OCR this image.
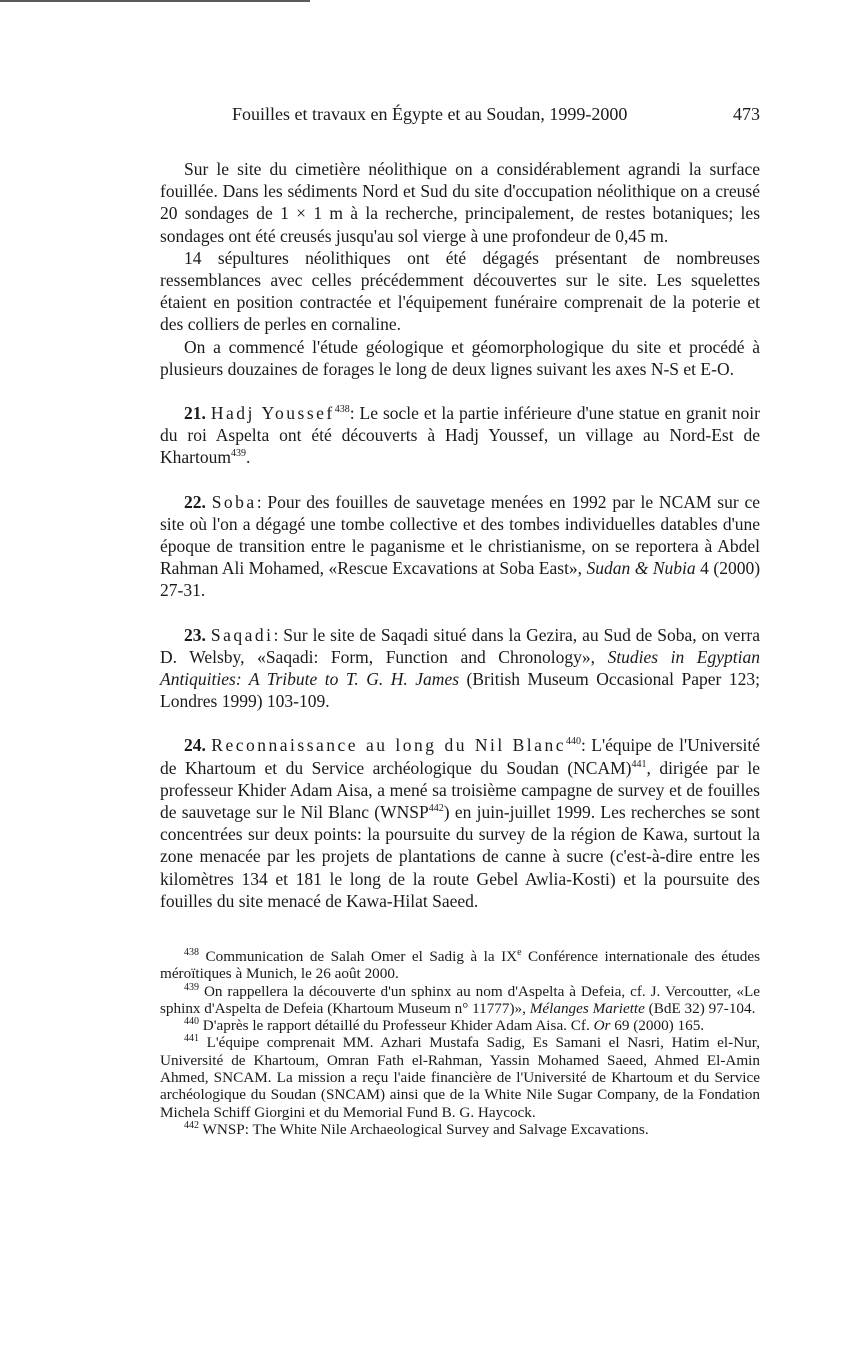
Fouilles et travaux en Égypte et au Soudan, 1999-2000	473

Sur le site du cimetière néolithique on a considérablement agrandi la surface fouillée. Dans les sédiments Nord et Sud du site d'occupation néolithique on a creusé 20 sondages de 1 × 1 m à la recherche, principalement, de restes botaniques; les sondages ont été creusés jusqu'au sol vierge à une profondeur de 0,45 m.

14 sépultures néolithiques ont été dégagés présentant de nombreuses ressemblances avec celles précédemment découvertes sur le site. Les squelettes étaient en position contractée et l'équipement funéraire comprenait de la poterie et des colliers de perles en cornaline.

On a commencé l'étude géologique et géomorphologique du site et procédé à plusieurs douzaines de forages le long de deux lignes suivant les axes N-S et E-O.

21. Hadj Youssef$^{438}$: Le socle et la partie inférieure d'une statue en granit noir du roi Aspelta ont été découverts à Hadj Youssef, un village au Nord-Est de Khartoum$^{439}$.

22. Soba: Pour des fouilles de sauvetage menées en 1992 par le NCAM sur ce site où l'on a dégagé une tombe collective et des tombes individuelles datables d'une époque de transition entre le paganisme et le christianisme, on se reportera à Abdel Rahman Ali Mohamed, «Rescue Excavations at Soba East», Sudan & Nubia 4 (2000) 27-31.

23. Saqadi: Sur le site de Saqadi situé dans la Gezira, au Sud de Soba, on verra D. Welsby, «Saqadi: Form, Function and Chronology», Studies in Egyptian Antiquities: A Tribute to T. G. H. James (British Museum Occasional Paper 123; Londres 1999) 103-109.

24. Reconnaissance au long du Nil Blanc$^{440}$: L'équipe de l'Université de Khartoum et du Service archéologique du Soudan (NCAM)$^{441}$, dirigée par le professeur Khider Adam Aisa, a mené sa troisième campagne de survey et de fouilles de sauvetage sur le Nil Blanc (WNSP$^{442}$) en juin-juillet 1999. Les recherches se sont concentrées sur deux points: la poursuite du survey de la région de Kawa, surtout la zone menacée par les projets de plantations de canne à sucre (c'est-à-dire entre les kilomètres 134 et 181 le long de la route Gebel Awlia-Kosti) et la poursuite des fouilles du site menacé de Kawa-Hilat Saeed.

$^{438}$ Communication de Salah Omer el Sadig à la IXe Conférence internationale des études méroïtiques à Munich, le 26 août 2000.

$^{439}$ On rappellera la découverte d'un sphinx au nom d'Aspelta à Defeia, cf. J. Vercoutter, «Le sphinx d'Aspelta de Defeia (Khartoum Museum n° 11777)», Mélanges Mariette (BdE 32) 97-104.

$^{440}$ D'après le rapport détaillé du Professeur Khider Adam Aisa. Cf. Or 69 (2000) 165.

$^{441}$ L'équipe comprenait MM. Azhari Mustafa Sadig, Es Samani el Nasri, Hatim el-Nur, Université de Khartoum, Omran Fath el-Rahman, Yassin Mohamed Saeed, Ahmed El-Amin Ahmed, SNCAM. La mission a reçu l'aide financière de l'Université de Khartoum et du Service archéologique du Soudan (SNCAM) ainsi que de la White Nile Sugar Company, de la Fondation Michela Schiff Giorgini et du Memorial Fund B. G. Haycock.

$^{442}$ WNSP: The White Nile Archaeological Survey and Salvage Excavations.
